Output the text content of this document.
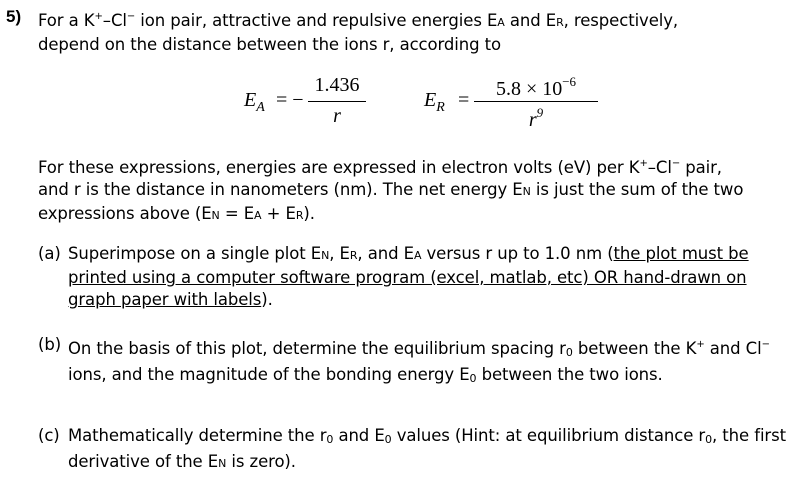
5) For a K+–Cl− ion pair, attractive and repulsive energies EA and ER, respectively,
depend on the distance between the ions r, according to
$E_A$ = −
1.436
r
$E_R$ =	$5.8 \times 10^{-6}$
$r^9$
For these expressions, energies are expressed in electron volts (eV) per K+–Cl− pair,
and r is the distance in nanometers (nm). The net energy EN is just the sum of the two
expressions above (EN = EA + ER).
(a) Superimpose on a single plot EN, ER, and EA versus r up to 1.0 nm (the plot must be printed using a computer software program (excel, matlab, etc) OR hand-drawn on graph paper with labels).
(b) On the basis of this plot, determine the equilibrium spacing r0 between the K+ and Cl− ions, and the magnitude of the bonding energy E0 between the two ions.
(c) Mathematically determine the r0 and E0 values (Hint: at equilibrium distance r0, the first derivative of the EN is zero).
